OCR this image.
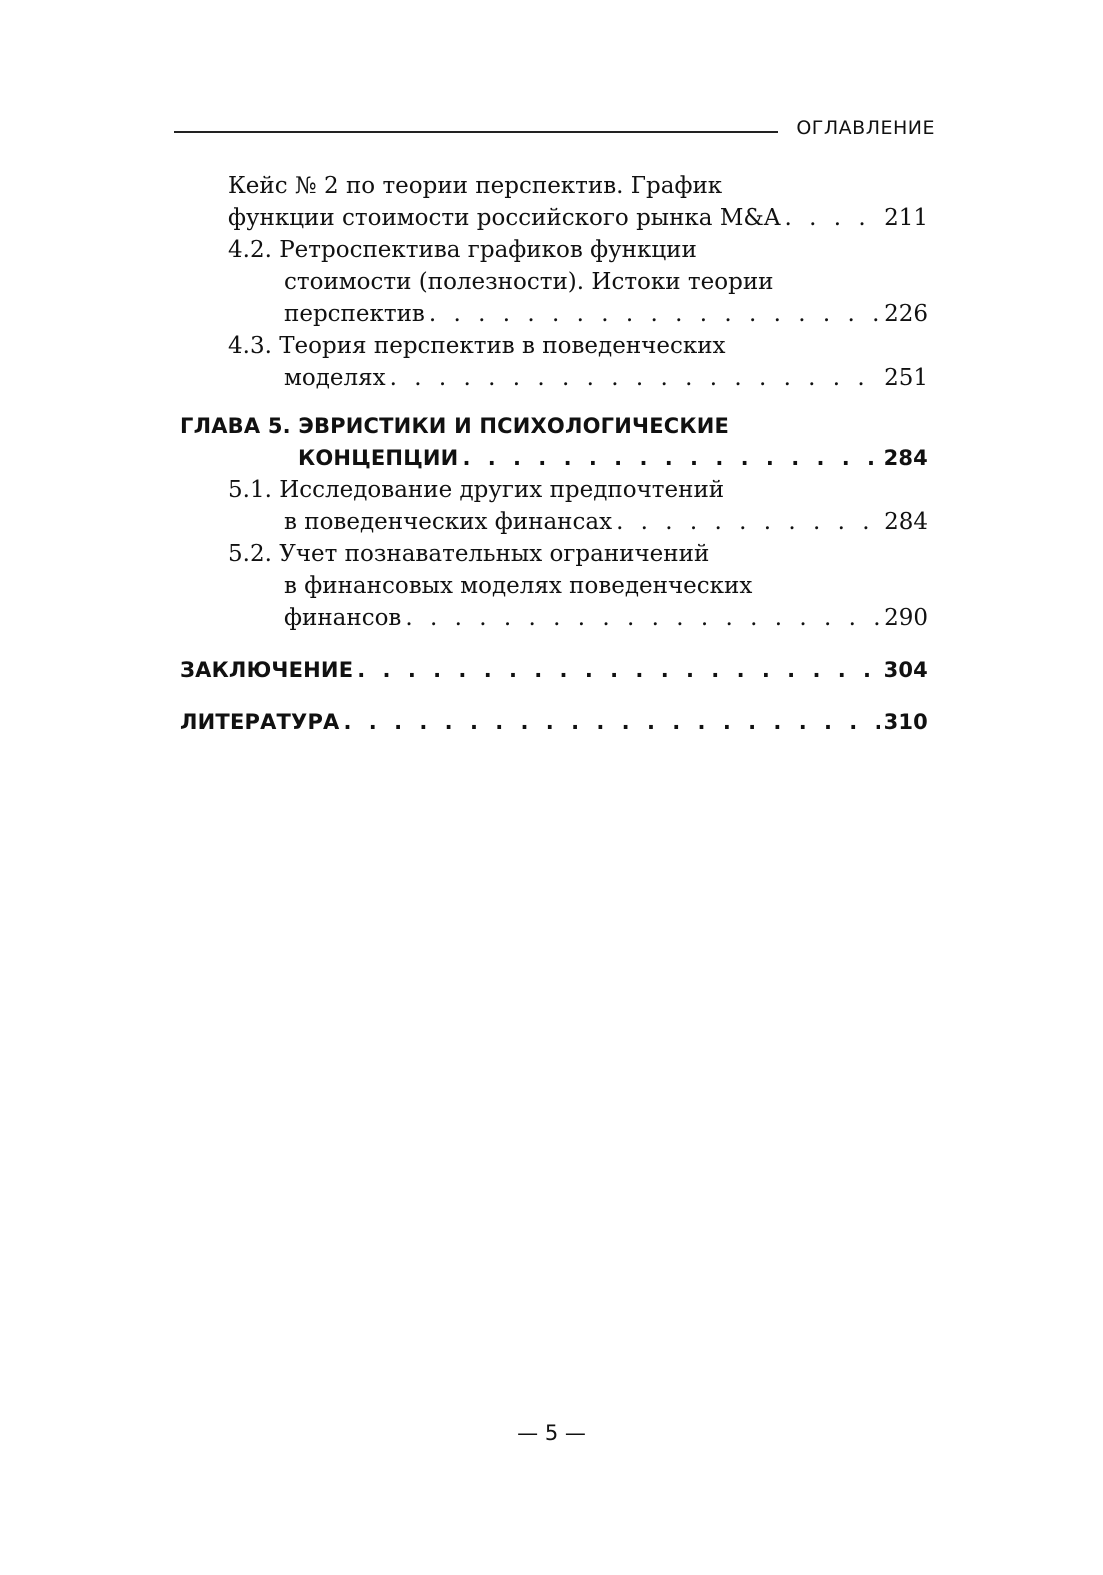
ОГЛАВЛЕНИЕ
Кейс № 2 по теории перспектив. График
функции стоимости российского рынка M&A . . .	211
4.2. Ретроспектива графиков функции
стоимости (полезности). Истоки теории
перспектив . . .	226
4.3. Теория перспектив в поведенческих
моделях . . .	251
ГЛАВА 5. ЭВРИСТИКИ И ПСИХОЛОГИЧЕСКИЕ
КОНЦЕПЦИИ . . .	284
5.1. Исследование других предпочтений
в поведенческих финансах . . .	284
5.2. Учет познавательных ограничений
в финансовых моделях поведенческих
финансов . . .	290
ЗАКЛЮЧЕНИЕ . . .	304
ЛИТЕРАТУРА . . .	310
— 5 —
